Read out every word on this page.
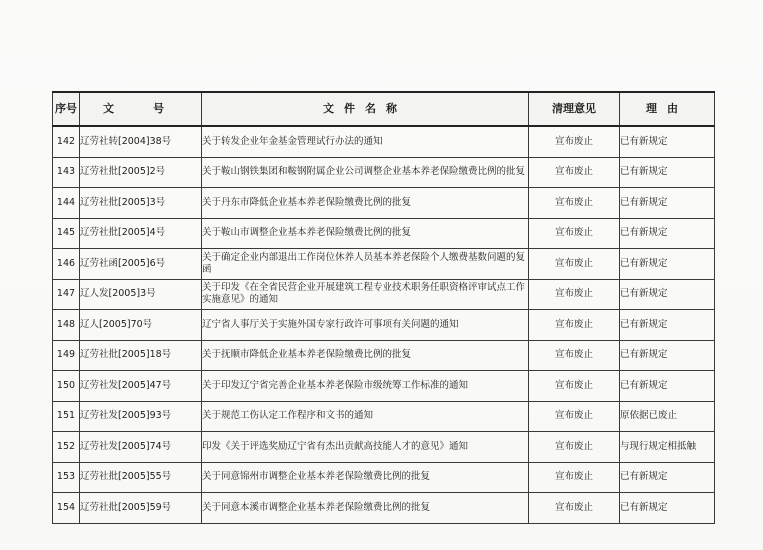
序号	文　号	文件名称	清理意见	理由
142	辽劳社转[2004]38号	关于转发企业年金基金管理试行办法的通知	宣布废止	已有新规定
143	辽劳社批[2005]2号	关于鞍山钢铁集团和鞍钢附属企业公司调整企业基本养老保险缴费比例的批复	宣布废止	已有新规定
144	辽劳社批[2005]3号	关于丹东市降低企业基本养老保险缴费比例的批复	宣布废止	已有新规定
145	辽劳社批[2005]4号	关于鞍山市调整企业基本养老保险缴费比例的批复	宣布废止	已有新规定
146	辽劳社函[2005]6号	关于确定企业内部退出工作岗位休养人员基本养老保险个人缴费基数问题的复函	宣布废止	已有新规定
147	辽人发[2005]3号	关于印发《在全省民营企业开展建筑工程专业技术职务任职资格评审试点工作实施意见》的通知	宣布废止	已有新规定
148	辽人[2005]70号	辽宁省人事厅关于实施外国专家行政许可事项有关问题的通知	宣布废止	已有新规定
149	辽劳社批[2005]18号	关于抚顺市降低企业基本养老保险缴费比例的批复	宣布废止	已有新规定
150	辽劳社发[2005]47号	关于印发辽宁省完善企业基本养老保险市级统筹工作标准的通知	宣布废止	已有新规定
151	辽劳社发[2005]93号	关于规范工伤认定工作程序和文书的通知	宣布废止	原依据已废止
152	辽劳社发[2005]74号	印发《关于评选奖励辽宁省有杰出贡献高技能人才的意见》通知	宣布废止	与现行规定相抵触
153	辽劳社批[2005]55号	关于同意锦州市调整企业基本养老保险缴费比例的批复	宣布废止	已有新规定
154	辽劳社批[2005]59号	关于同意本溪市调整企业基本养老保险缴费比例的批复	宣布废止	已有新规定
